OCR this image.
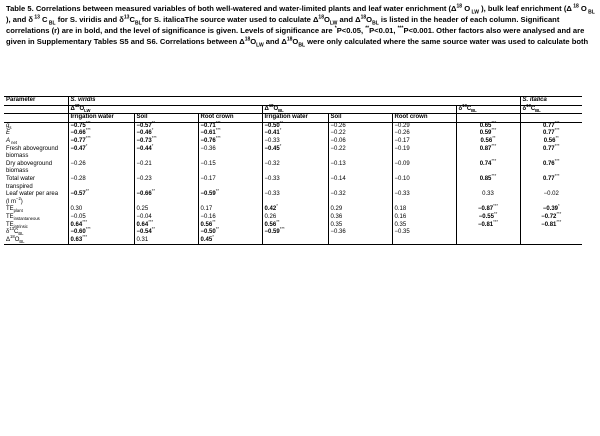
Table 5. Correlations between measured variables of both well-watered and water-limited plants and leaf water enrichment ($\Delta^{18}$ O $_{LW}$ ), bulk leaf enrichment (Δ $^{18}$ O $_{BL}$ ), and δ $^{13}$ C $_{BL}$ for S. viridis and $\delta^{13}C_{BL}for$ S. italicaThe source water used to calculate $\Delta^{18}O_{LW}$ and $\Delta^{18}O_{BL}$ is listed in the header of each column. Significant correlations (r) are in bold, and the level of significance is given. Levels of significance are *P<0.05, **P<0.01, ***P<0.001. Other factors also were analysed and are given in Supplementary Tables S5 and S6. Correlations between $\Delta^{18}O_{LW}$ and $\Delta^{18}O_{BL}$ were only calculated where the same source water was used to calculate both
Parameter	S. viridis							S. italica
	$\Delta^{18}O_{LW}$			$\Delta^{18}O_{BL}$			$\delta^{13}C_{BL}$	$\delta^{13}C_{BL}$
	Irrigation water	Soil	Root crown	Irrigation water	Soil	Root crown		
$g_s$	−0.75***	−0.57**	−0.71***	−0.50**	−0.26	−0.29	0.65***	0.77***
E	−0.66***	−0.46*	−0.61***	−0.41*	−0.22	−0.26	0.59***	0.77***
A $_{net}$	−0.77***	−0.73***	−0.76***	−0.33	−0.06	−0.17	0.56**	0.56**
Fresh aboveground
biomass	−0.47*	−0.44*	−0.36	−0.45*	−0.22	−0.19	0.87***	0.77***
Dry aboveground
biomass	−0.26	−0.21	−0.15	−0.32	−0.13	−0.09	0.74***	0.76***
Total water
transpired	−0.28	−0.23	−0.17	−0.33	−0.14	−0.10	0.85***	0.77***
Leaf water per area
(l $m^{-2}$)	−0.57**	−0.66**	−0.59**	−0.33	−0.32	−0.33	0.33	−0.02
$TE_{plant}$	0.30	0.25	0.17	0.42*	0.29	0.18	−0.87***	−0.39*
$TE_{instantaneous}$	−0.05	−0.04	−0.16	0.26	0.36	0.16	−0.55**	−0.72***
$TE_{intrinsic}$	0.64***	0.64***	0.56**	0.56**	0.35	0.35	−0.81***	−0.81***
$\delta^{13}C_{BL}$	−0.60***	−0.54**	−0.50**	−0.59***	−0.36	−0.35		
$\Delta^{18}O_{BL}$	0.63***	0.31	0.45*					
